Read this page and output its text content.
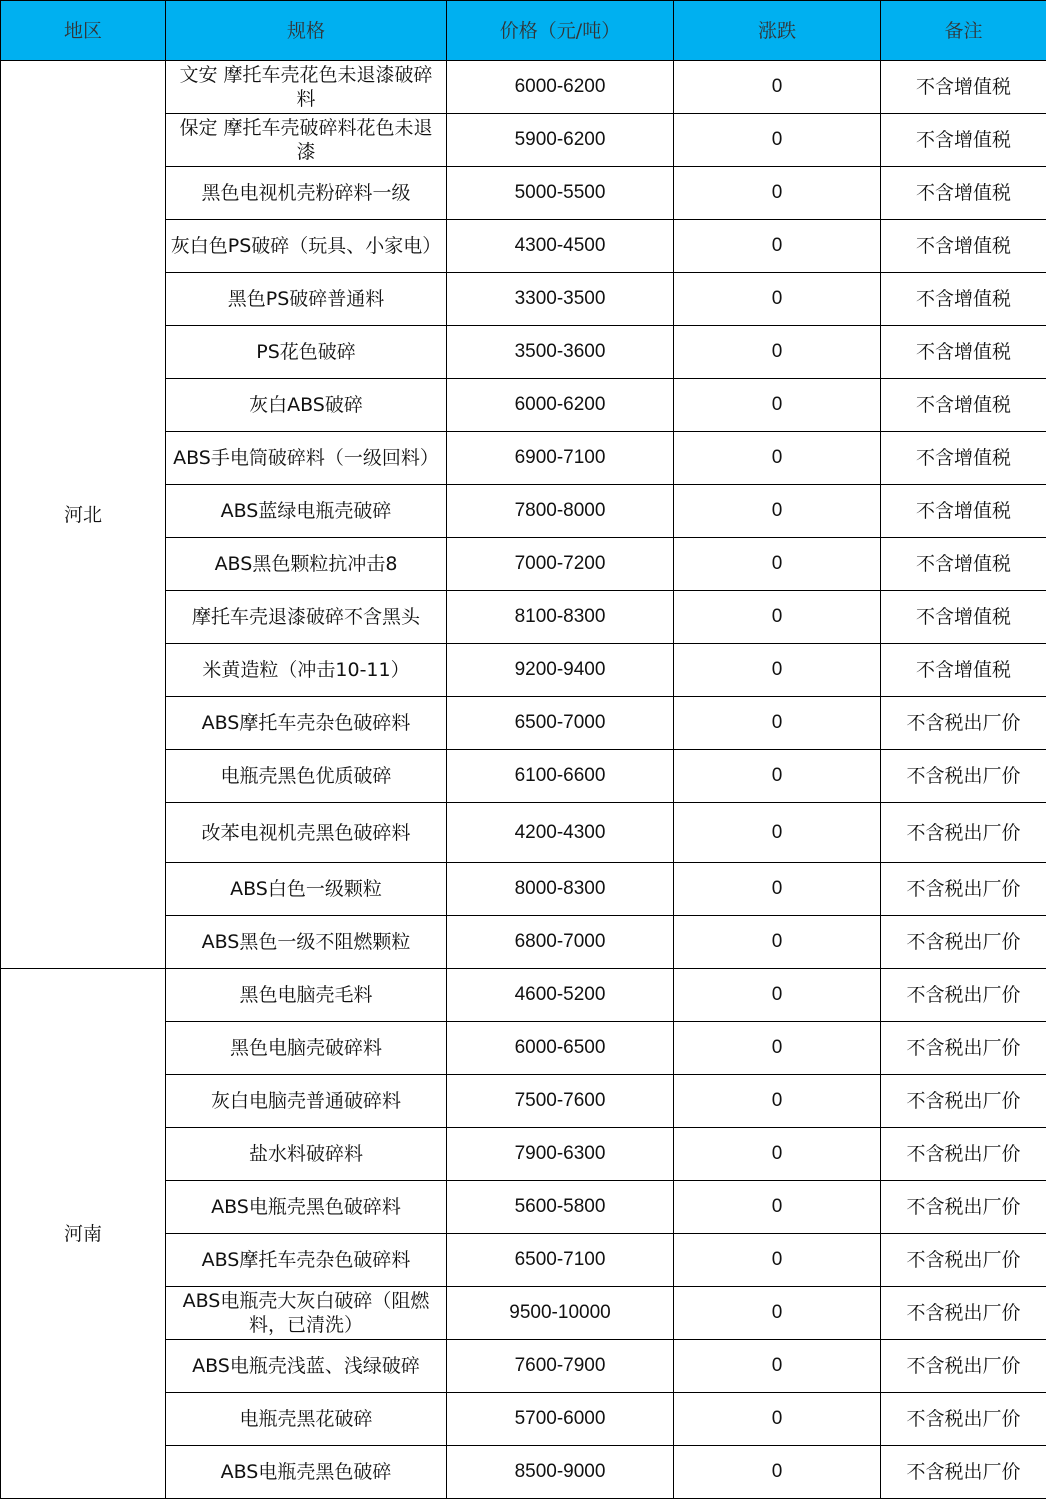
地区	规格	价格（元/吨）	涨跌	备注
河北	文安 摩托车壳花色未退漆破碎料	6000-6200	0	不含增值税
	保定 摩托车壳破碎料花色未退漆	5900-6200	0	不含增值税
	黑色电视机壳粉碎料一级	5000-5500	0	不含增值税
	灰白色PS破碎（玩具、小家电）	4300-4500	0	不含增值税
	黑色PS破碎普通料	3300-3500	0	不含增值税
	PS花色破碎	3500-3600	0	不含增值税
	灰白ABS破碎	6000-6200	0	不含增值税
	ABS手电筒破碎料（一级回料）	6900-7100	0	不含增值税
	ABS蓝绿电瓶壳破碎	7800-8000	0	不含增值税
	ABS黑色颗粒抗冲击8	7000-7200	0	不含增值税
	摩托车壳退漆破碎不含黑头	8100-8300	0	不含增值税
	米黄造粒（冲击10-11）	9200-9400	0	不含增值税
	ABS摩托车壳杂色破碎料	6500-7000	0	不含税出厂价
	电瓶壳黑色优质破碎	6100-6600	0	不含税出厂价
	改苯电视机壳黑色破碎料	4200-4300	0	不含税出厂价
	ABS白色一级颗粒	8000-8300	0	不含税出厂价
	ABS黑色一级不阻燃颗粒	6800-7000	0	不含税出厂价
河南	黑色电脑壳毛料	4600-5200	0	不含税出厂价
	黑色电脑壳破碎料	6000-6500	0	不含税出厂价
	灰白电脑壳普通破碎料	7500-7600	0	不含税出厂价
	盐水料破碎料	7900-6300	0	不含税出厂价
	ABS电瓶壳黑色破碎料	5600-5800	0	不含税出厂价
	ABS摩托车壳杂色破碎料	6500-7100	0	不含税出厂价
	ABS电瓶壳大灰白破碎（阻燃料，已清洗）	9500-10000	0	不含税出厂价
	ABS电瓶壳浅蓝、浅绿破碎	7600-7900	0	不含税出厂价
	电瓶壳黑花破碎	5700-6000	0	不含税出厂价
	ABS电瓶壳黑色破碎	8500-9000	0	不含税出厂价
